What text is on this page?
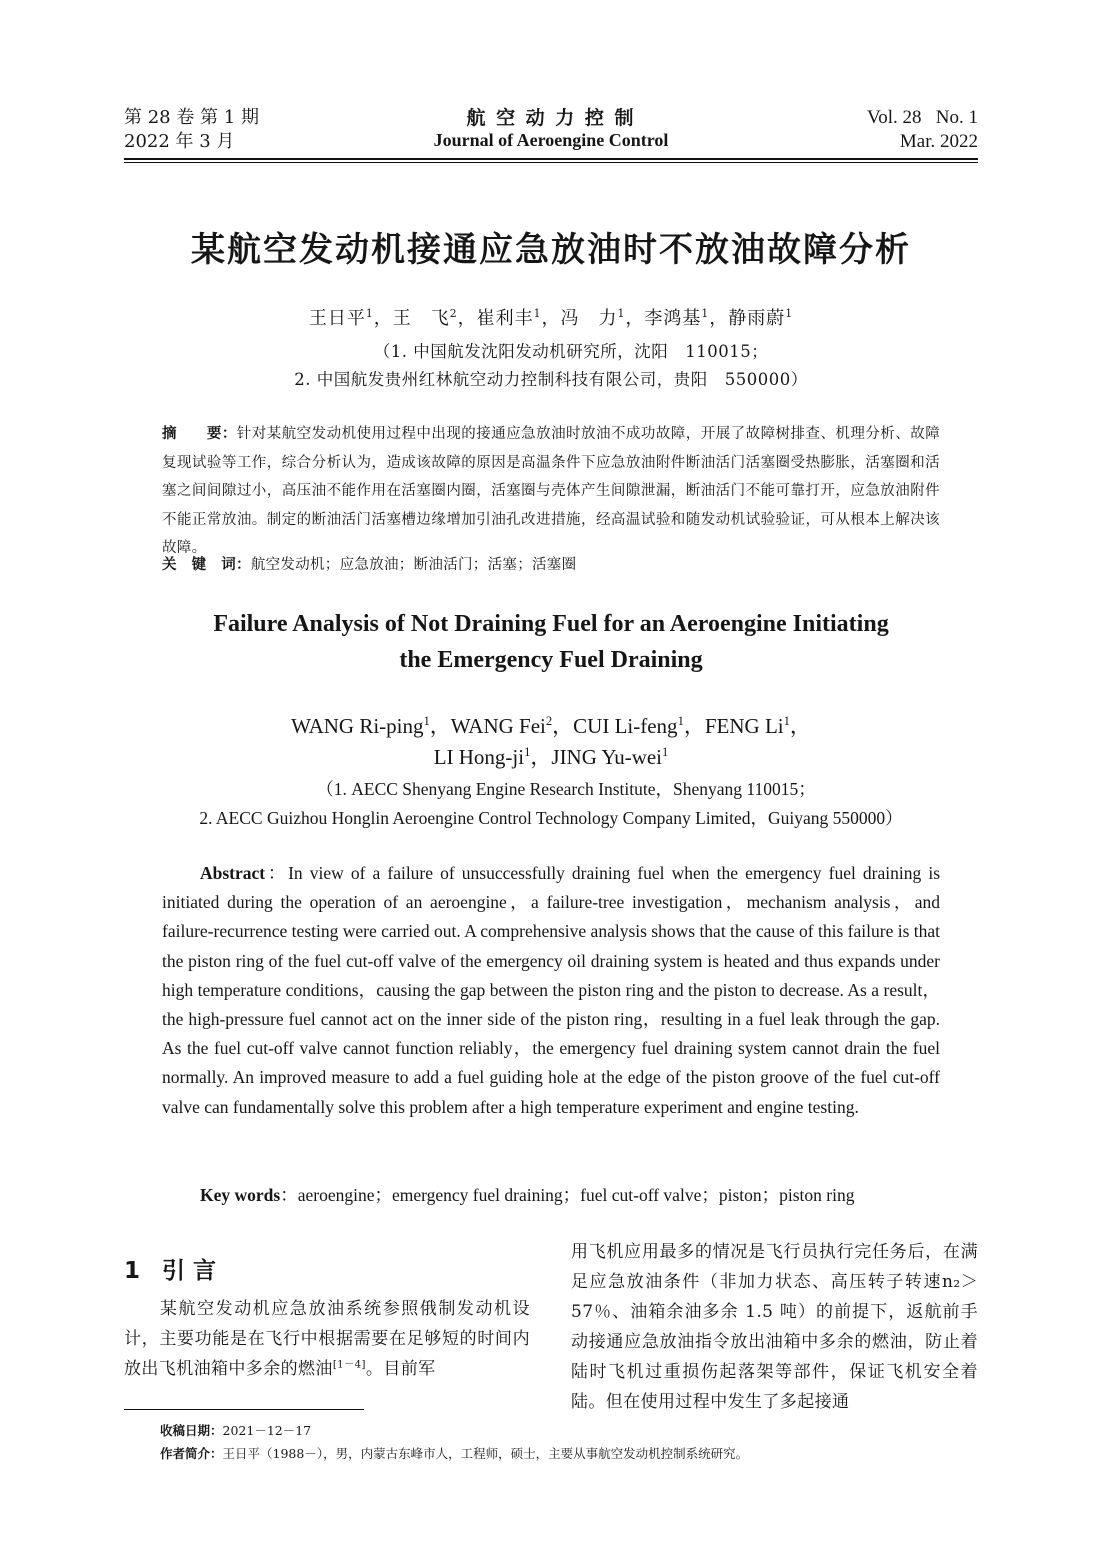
第 28 卷 第 1 期
2022 年 3 月
航 空 动 力 控 制
Journal of Aeroengine Control
Vol. 28   No. 1
Mar. 2022
某航空发动机接通应急放油时不放油故障分析
王日平$^1$，王　飞$^2$，崔利丰$^1$，冯　力$^1$，李鸿基$^1$，静雨蔚$^1$
（1. 中国航发沈阳发动机研究所，沈阳　110015；
2. 中国航发贵州红林航空动力控制科技有限公司，贵阳　550000）
摘　　要：针对某航空发动机使用过程中出现的接通应急放油时放油不成功故障，开展了故障树排查、机理分析、故障复现试验等工作，综合分析认为，造成该故障的原因是高温条件下应急放油附件断油活门活塞圈受热膨胀，活塞圈和活塞之间间隙过小，高压油不能作用在活塞圈内圈，活塞圈与壳体产生间隙泄漏，断油活门不能可靠打开，应急放油附件不能正常放油。制定的断油活门活塞槽边缘增加引油孔改进措施，经高温试验和随发动机试验验证，可从根本上解决该故障。
关　键　词：航空发动机；应急放油；断油活门；活塞；活塞圈
Failure Analysis of Not Draining Fuel for an Aeroengine Initiating
the Emergency Fuel Draining
WANG Ri-ping$^1$，WANG Fei$^2$，CUI Li-feng$^1$，FENG Li$^1$，
LI Hong-$ji^1$，JING Yu-wei$^1$
（1. AECC Shenyang Engine Research Institute，Shenyang 110015；
2. AECC Guizhou Honglin Aeroengine Control Technology Company Limited，Guiyang 550000）
Abstract：In view of a failure of unsuccessfully draining fuel when the emergency fuel draining is initiated during the operation of an aeroengine，a failure-tree investigation，mechanism analysis，and failure-recurrence testing were carried out. A comprehensive analysis shows that the cause of this failure is that the piston ring of the fuel cut-off valve of the emergency oil draining system is heated and thus expands under high temperature conditions，causing the gap between the piston ring and the piston to decrease. As a result，the high-pressure fuel cannot act on the inner side of the piston ring，resulting in a fuel leak through the gap. As the fuel cut-off valve cannot function reliably，the emergency fuel draining system cannot drain the fuel normally. An improved measure to add a fuel guiding hole at the edge of the piston groove of the fuel cut-off valve can fundamentally solve this problem after a high temperature experiment and engine testing.
Key words：aeroengine；emergency fuel draining；fuel cut-off valve；piston；piston ring
1 引 言
某航空发动机应急放油系统参照俄制发动机设计，主要功能是在飞行中根据需要在足够短的时间内放出飞机油箱中多余的燃油[1－4]。目前军
用飞机应用最多的情况是飞行员执行完任务后，在满足应急放油条件（非加力状态、高压转子转速n₂＞57％、油箱余油多余 1.5 吨）的前提下，返航前手动接通应急放油指令放出油箱中多余的燃油，防止着陆时飞机过重损伤起落架等部件，保证飞机安全着陆。但在使用过程中发生了多起接通
收稿日期：2021－12－17
作者简介：王日平（1988－），男，内蒙古东峰市人，工程师，硕士，主要从事航空发动机控制系统研究。
